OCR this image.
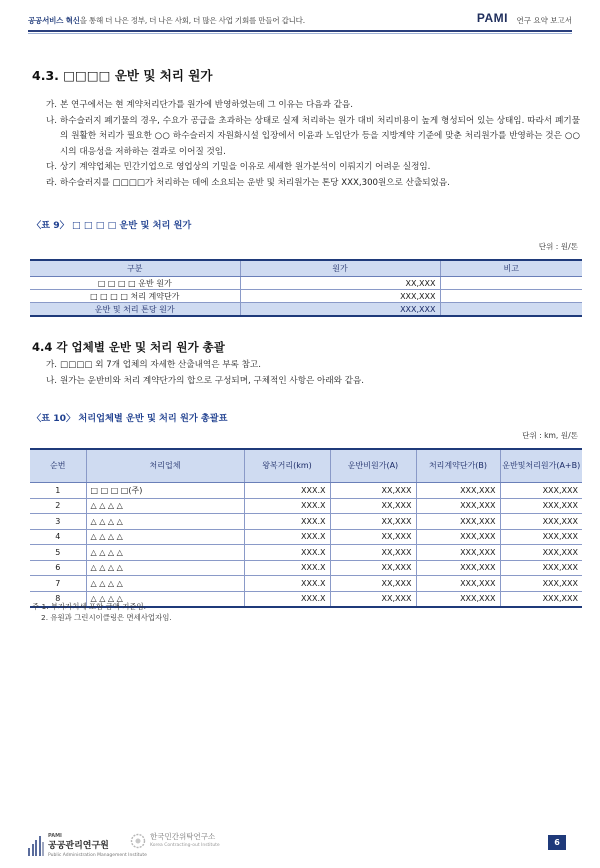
공공서비스 혁신을 통해 더 나은 정부, 더 나은 사회, 더 많은 사업 기회를 만들어 갑니다.	PAMI 연구 요약 보고서
4.3. □□□□ 운반 및 처리 원가
가. 본 연구에서는 현 계약처리단가를 원가에 반영하였는데 그 이유는 다음과 같음.
나. 하수슬러지 폐기물의 경우, 수요가 공급을 초과하는 상태로 실제 처리하는 원가 대비 처리비용이 높게 형성되어 있는 상태임. 따라서 폐기물의 원활한 처리가 필요한 ○○ 하수슬러지 자원화시설 입장에서 이윤과 노임단가 등을 지방계약 기준에 맞춘 처리원가를 반영하는 것은 ○○시의 대응성을 저하하는 결과로 이어질 것임.
다. 상기 계약업체는 민간기업으로 영업상의 기밀을 이유로 세세한 원가분석이 이뤄지기 어려운 실정임.
라. 하수슬러지를 □□□□가 처리하는 데에 소요되는 운반 및 처리원가는 톤당 XXX,300원으로 산출되었음.
〈표 9〉 □ □ □ □ 운반 및 처리 원가
단위 : 원/톤
구분	원가	비고
□ □ □ □ 운반 원가	XX,XXX	
□ □ □ □ 처리 계약단가	XXX,XXX	
운반 및 처리 톤당 원가	XXX,XXX	
4.4 각 업체별 운반 및 처리 원가 총괄
가. □□□□ 외 7개 업체의 자세한 산출내역은 부록 참고.
나. 원가는 운반비와 처리 계약단가의 합으로 구성되며, 구체적인 사항은 아래와 같음.
〈표 10〉 처리업체별 운반 및 처리 원가 총괄표
단위 : km, 원/톤
순번	처리업체	왕복거리(km)	운반비원가(A)	처리계약단가(B)	운반및처리원가(A+B)
1	□ □ □ □(주)	XXX.X	XX,XXX	XXX,XXX	XXX,XXX
2	△ △ △ △	XXX.X	XX,XXX	XXX,XXX	XXX,XXX
3	△ △ △ △	XXX.X	XX,XXX	XXX,XXX	XXX,XXX
4	△ △ △ △	XXX.X	XX,XXX	XXX,XXX	XXX,XXX
5	△ △ △ △	XXX.X	XX,XXX	XXX,XXX	XXX,XXX
6	△ △ △ △	XXX.X	XX,XXX	XXX,XXX	XXX,XXX
7	△ △ △ △	XXX.X	XX,XXX	XXX,XXX	XXX,XXX
8	△ △ △ △	XXX.X	XX,XXX	XXX,XXX	XXX,XXX
주 1. 부가가치세 포함 금액 기준임.
2. 유원과 그린시이클링은 면세사업자임.
PAMI
공공관리연구원
Public Administration Management Institute
한국민간위탁연구소
Korea Contracting-out Institute	6
